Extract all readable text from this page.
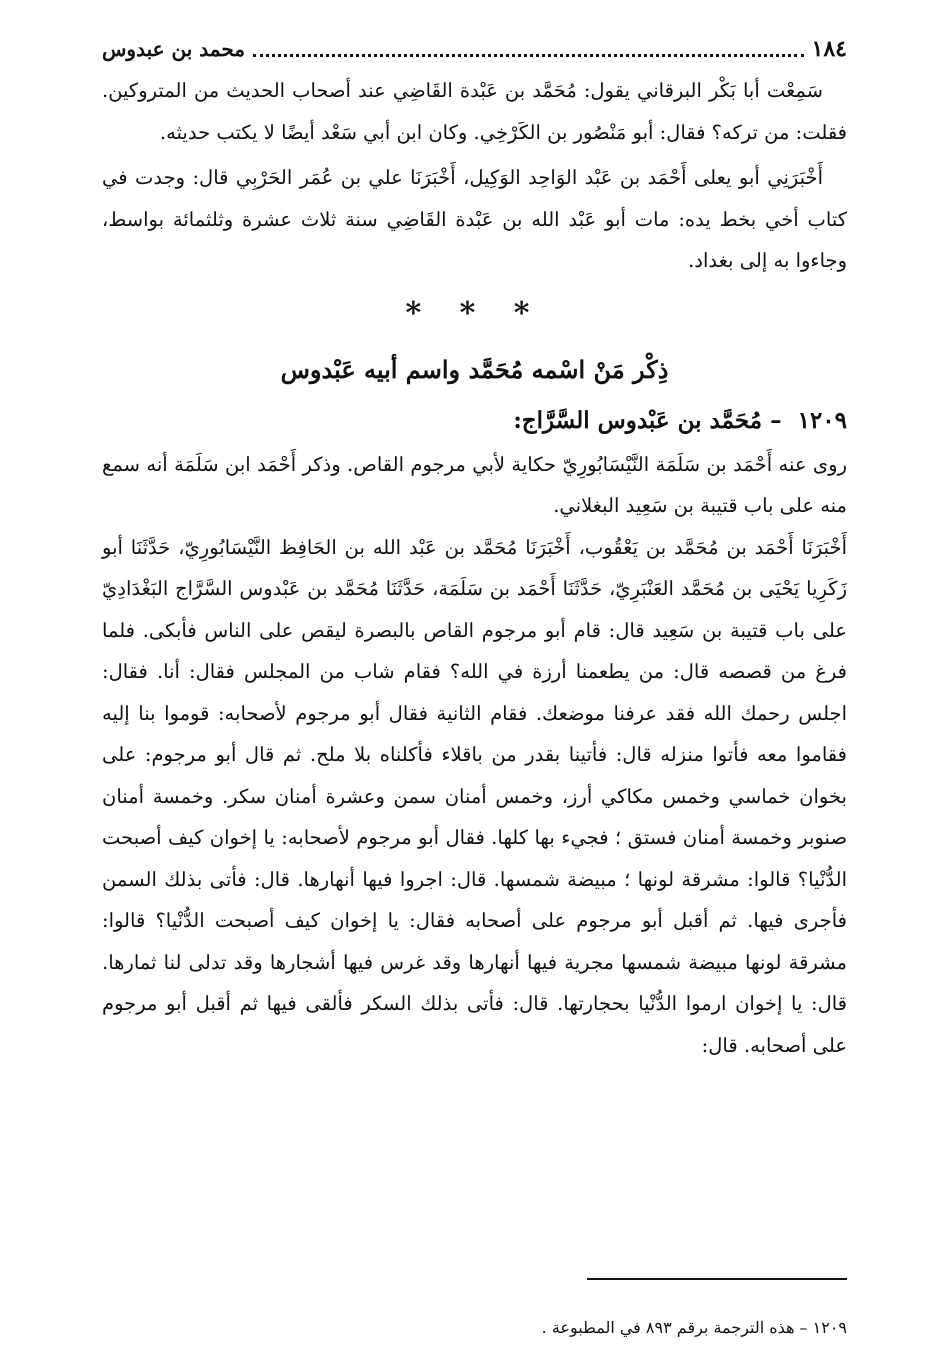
١٨٤
محمد بن عبدوس

سَمِعْت أبا بَكْر البرقاني يقول: مُحَمَّد بن عَبْدة القَاضِي عند أصحاب الحديث من المتروكين. فقلت: من تركه؟ فقال: أبو مَنْصُور بن الكَرْخِي. وكان ابن أبي سَعْد أيضًا لا يكتب حديثه.

أَخْبَرَنِي أبو يعلى أَحْمَد بن عَبْد الوَاحِد الوَكِيل، أَخْبَرَنَا علي بن عُمَر الحَرْبِي قال: وجدت في كتاب أخي بخط يده: مات أبو عَبْد الله بن عَبْدة القَاضِي سنة ثلاث عشرة وثلثمائة بواسط، وجاءوا به إلى بغداد.

* * *
ذِكْر مَنْ اسْمه مُحَمَّد واسم أبيه عَبْدوس
١٢٠٩ – مُحَمَّد بن عَبْدوس السَّرَّاج:

روى عنه أَحْمَد بن سَلَمَة النَّيْسَابُورِيّ حكاية لأبي مرجوم القاص. وذكر أَحْمَد ابن سَلَمَة أنه سمع منه على باب قتيبة بن سَعِيد البغلاني.

أَخْبَرَنَا أَحْمَد بن مُحَمَّد بن يَعْقُوب، أَخْبَرَنَا مُحَمَّد بن عَبْد الله بن الحَافِظ النَّيْسَابُورِيّ، حَدَّثَنَا أبو زَكَرِيا يَحْيَى بن مُحَمَّد العَنْبَرِيّ، حَدَّثَنَا أَحْمَد بن سَلَمَة، حَدَّثَنَا مُحَمَّد بن عَبْدوس السَّرَّاج البَغْدَادِيّ على باب قتيبة بن سَعِيد قال: قام أبو مرجوم القاص بالبصرة ليقص على الناس فأبكى. فلما فرغ من قصصه قال: من يطعمنا أرزة في الله؟ فقام شاب من المجلس فقال: أنا. فقال: اجلس رحمك الله فقد عرفنا موضعك. فقام الثانية فقال أبو مرجوم لأصحابه: قوموا بنا إليه فقاموا معه فأتوا منزله قال: فأتينا بقدر من باقلاء فأكلناه بلا ملح. ثم قال أبو مرجوم: على بخوان خماسي وخمس مكاكي أرز، وخمس أمنان سمن وعشرة أمنان سكر. وخمسة أمنان صنوبر وخمسة أمنان فستق ؛ فجيء بها كلها. فقال أبو مرجوم لأصحابه: يا إخوان كيف أصبحت الدُّنْيا؟ قالوا: مشرقة لونها ؛ مبيضة شمسها. قال: اجروا فيها أنهارها. قال: فأتى بذلك السمن فأجرى فيها. ثم أقبل أبو مرجوم على أصحابه فقال: يا إخوان كيف أصبحت الدُّنْيا؟ قالوا: مشرقة لونها مبيضة شمسها مجرية فيها أنهارها وقد غرس فيها أشجارها وقد تدلى لنا ثمارها. قال: يا إخوان ارموا الدُّنْيا بحجارتها. قال: فأتى بذلك السكر فألقى فيها ثم أقبل أبو مرجوم على أصحابه. قال:

١٢٠٩ – هذه الترجمة برقم ٨٩٣ في المطبوعة .
